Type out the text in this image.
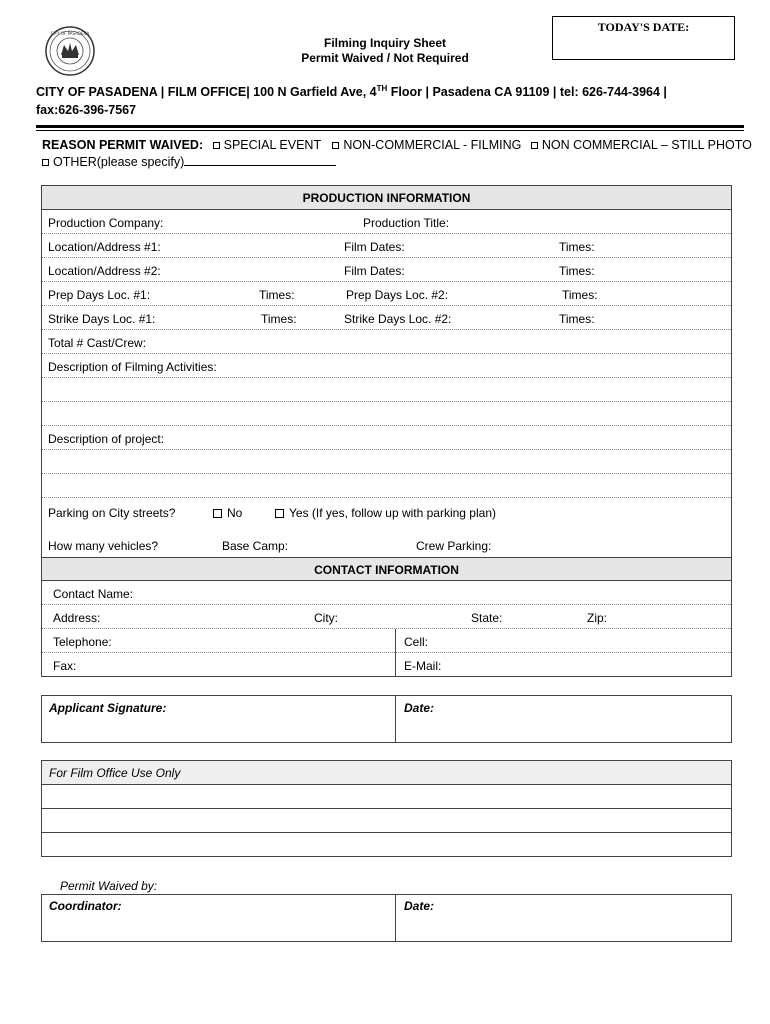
CITY OF PASADENA	TODAY'S DATE:
Filming Inquiry Sheet
Permit Waived / Not Required
CITY OF PASADENA | FILM OFFICE| 100 N Garfield Ave, 4TH Floor | Pasadena CA 91109 | tel: 626-744-3964 |
fax:626-396-7567
REASON PERMIT WAIVED: SPECIAL EVENT NON-COMMERCIAL - FILMING NON COMMERCIAL – STILL PHOTO
OTHER(please specify)
PRODUCTION INFORMATION
Production Company:	Production Title:
Location/Address #1:	Film Dates:	Times:
Location/Address #2:	Film Dates:	Times:
Prep Days Loc. #1:	Times:	Prep Days Loc. #2:	Times:
Strike Days Loc. #1:	Times:	Strike Days Loc. #2:	Times:
Total # Cast/Crew:
Description of Filming Activities:
Description of project:
Parking on City streets?	No	Yes (If yes, follow up with parking plan)
How many vehicles?	Base Camp:	Crew Parking:
CONTACT INFORMATION
Contact Name:
Address:	City:	State:	Zip:
Telephone:	Cell:
Fax:	E-Mail:
Applicant Signature:	Date:
For Film Office Use Only
Permit Waived by:
Coordinator:	Date:
